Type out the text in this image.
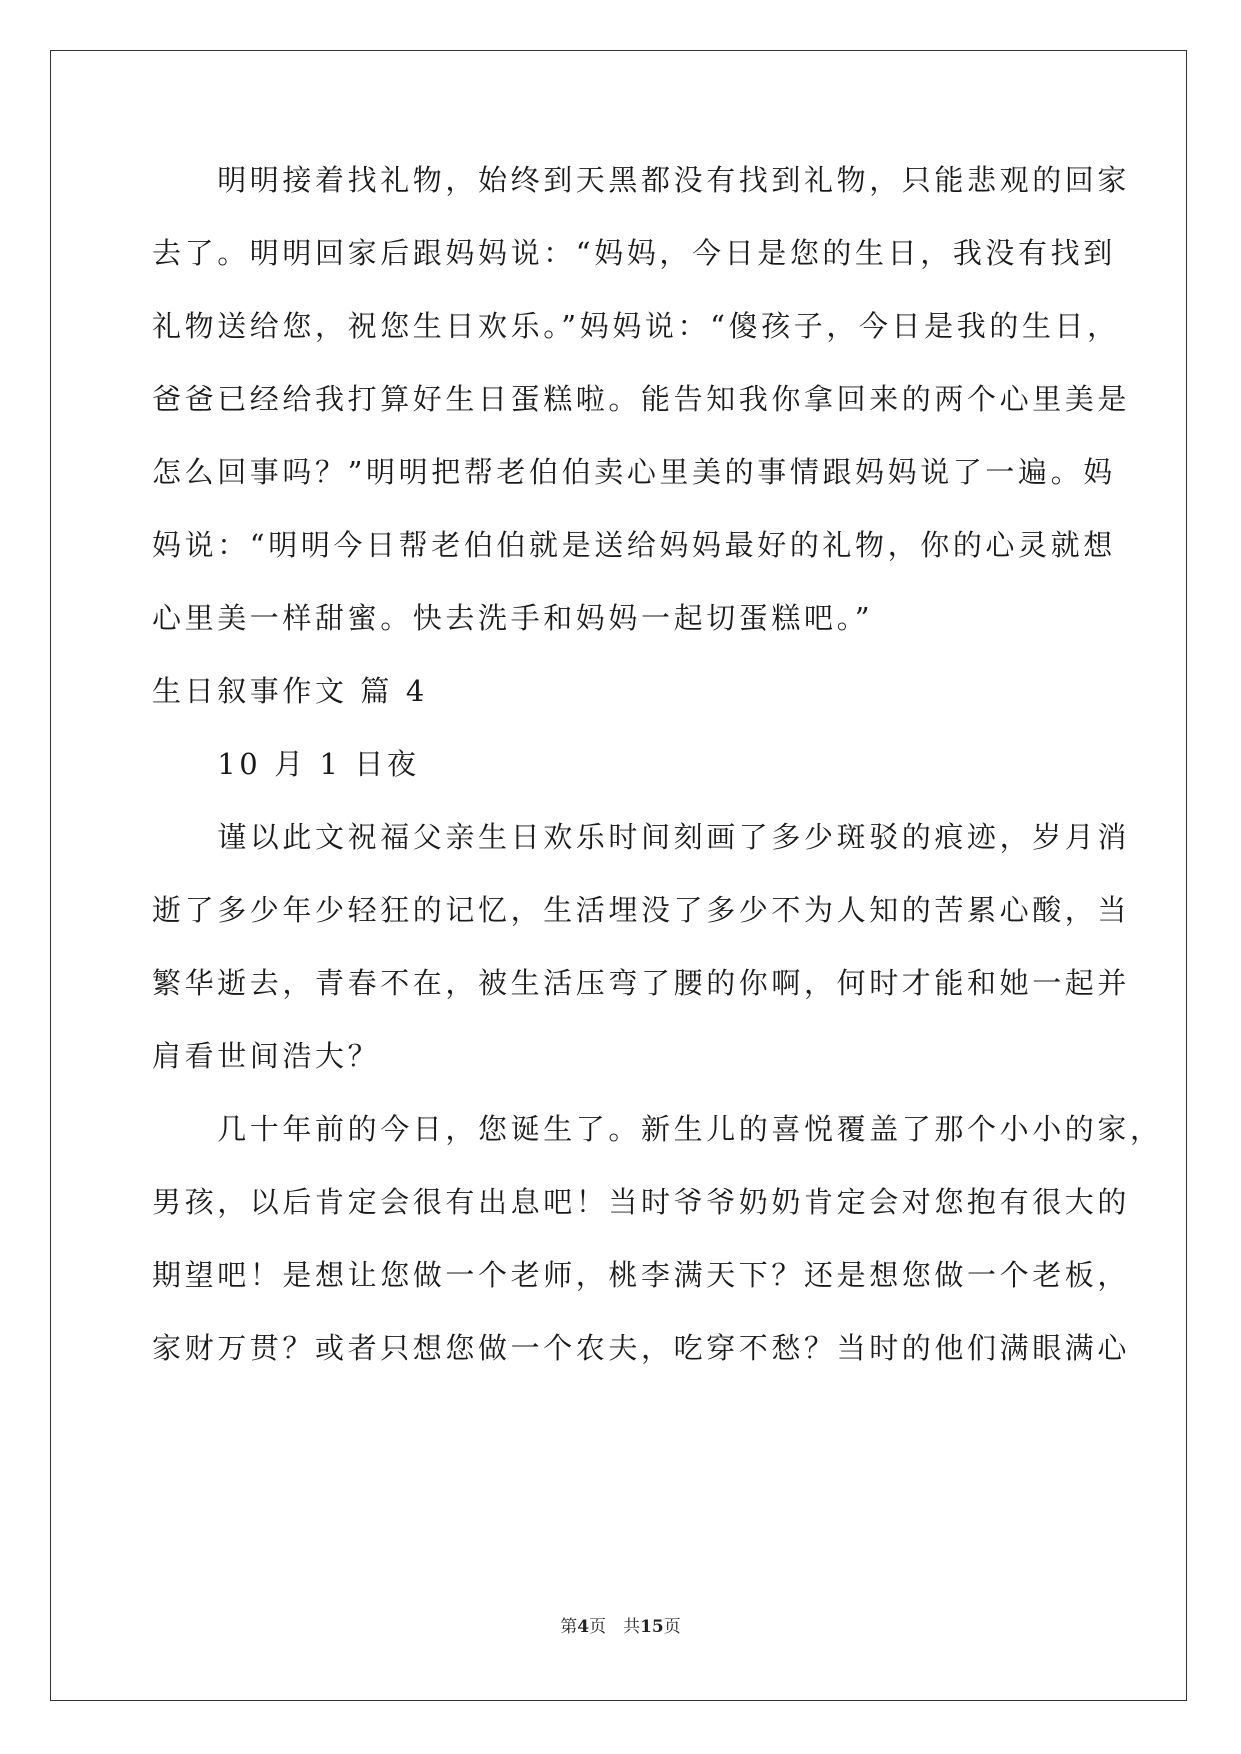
　　明明接着找礼物，始终到天黑都没有找到礼物，只能悲观的回家
去了。明明回家后跟妈妈说：“妈妈，今日是您的生日，我没有找到
礼物送给您，祝您生日欢乐。”妈妈说：“傻孩子，今日是我的生日，
爸爸已经给我打算好生日蛋糕啦。能告知我你拿回来的两个心里美是
怎么回事吗？”明明把帮老伯伯卖心里美的事情跟妈妈说了一遍。妈
妈说：“明明今日帮老伯伯就是送给妈妈最好的礼物，你的心灵就想
心里美一样甜蜜。快去洗手和妈妈一起切蛋糕吧。”
生日叙事作文 篇 4
　　10 月 1 日夜
　　谨以此文祝福父亲生日欢乐时间刻画了多少斑驳的痕迹，岁月消
逝了多少年少轻狂的记忆，生活埋没了多少不为人知的苦累心酸，当
繁华逝去，青春不在，被生活压弯了腰的你啊，何时才能和她一起并
肩看世间浩大？
　　几十年前的今日，您诞生了。新生儿的喜悦覆盖了那个小小的家，
男孩，以后肯定会很有出息吧！当时爷爷奶奶肯定会对您抱有很大的
期望吧！是想让您做一个老师，桃李满天下？还是想您做一个老板，
家财万贯？或者只想您做一个农夫，吃穿不愁？当时的他们满眼满心
第4页　共15页
